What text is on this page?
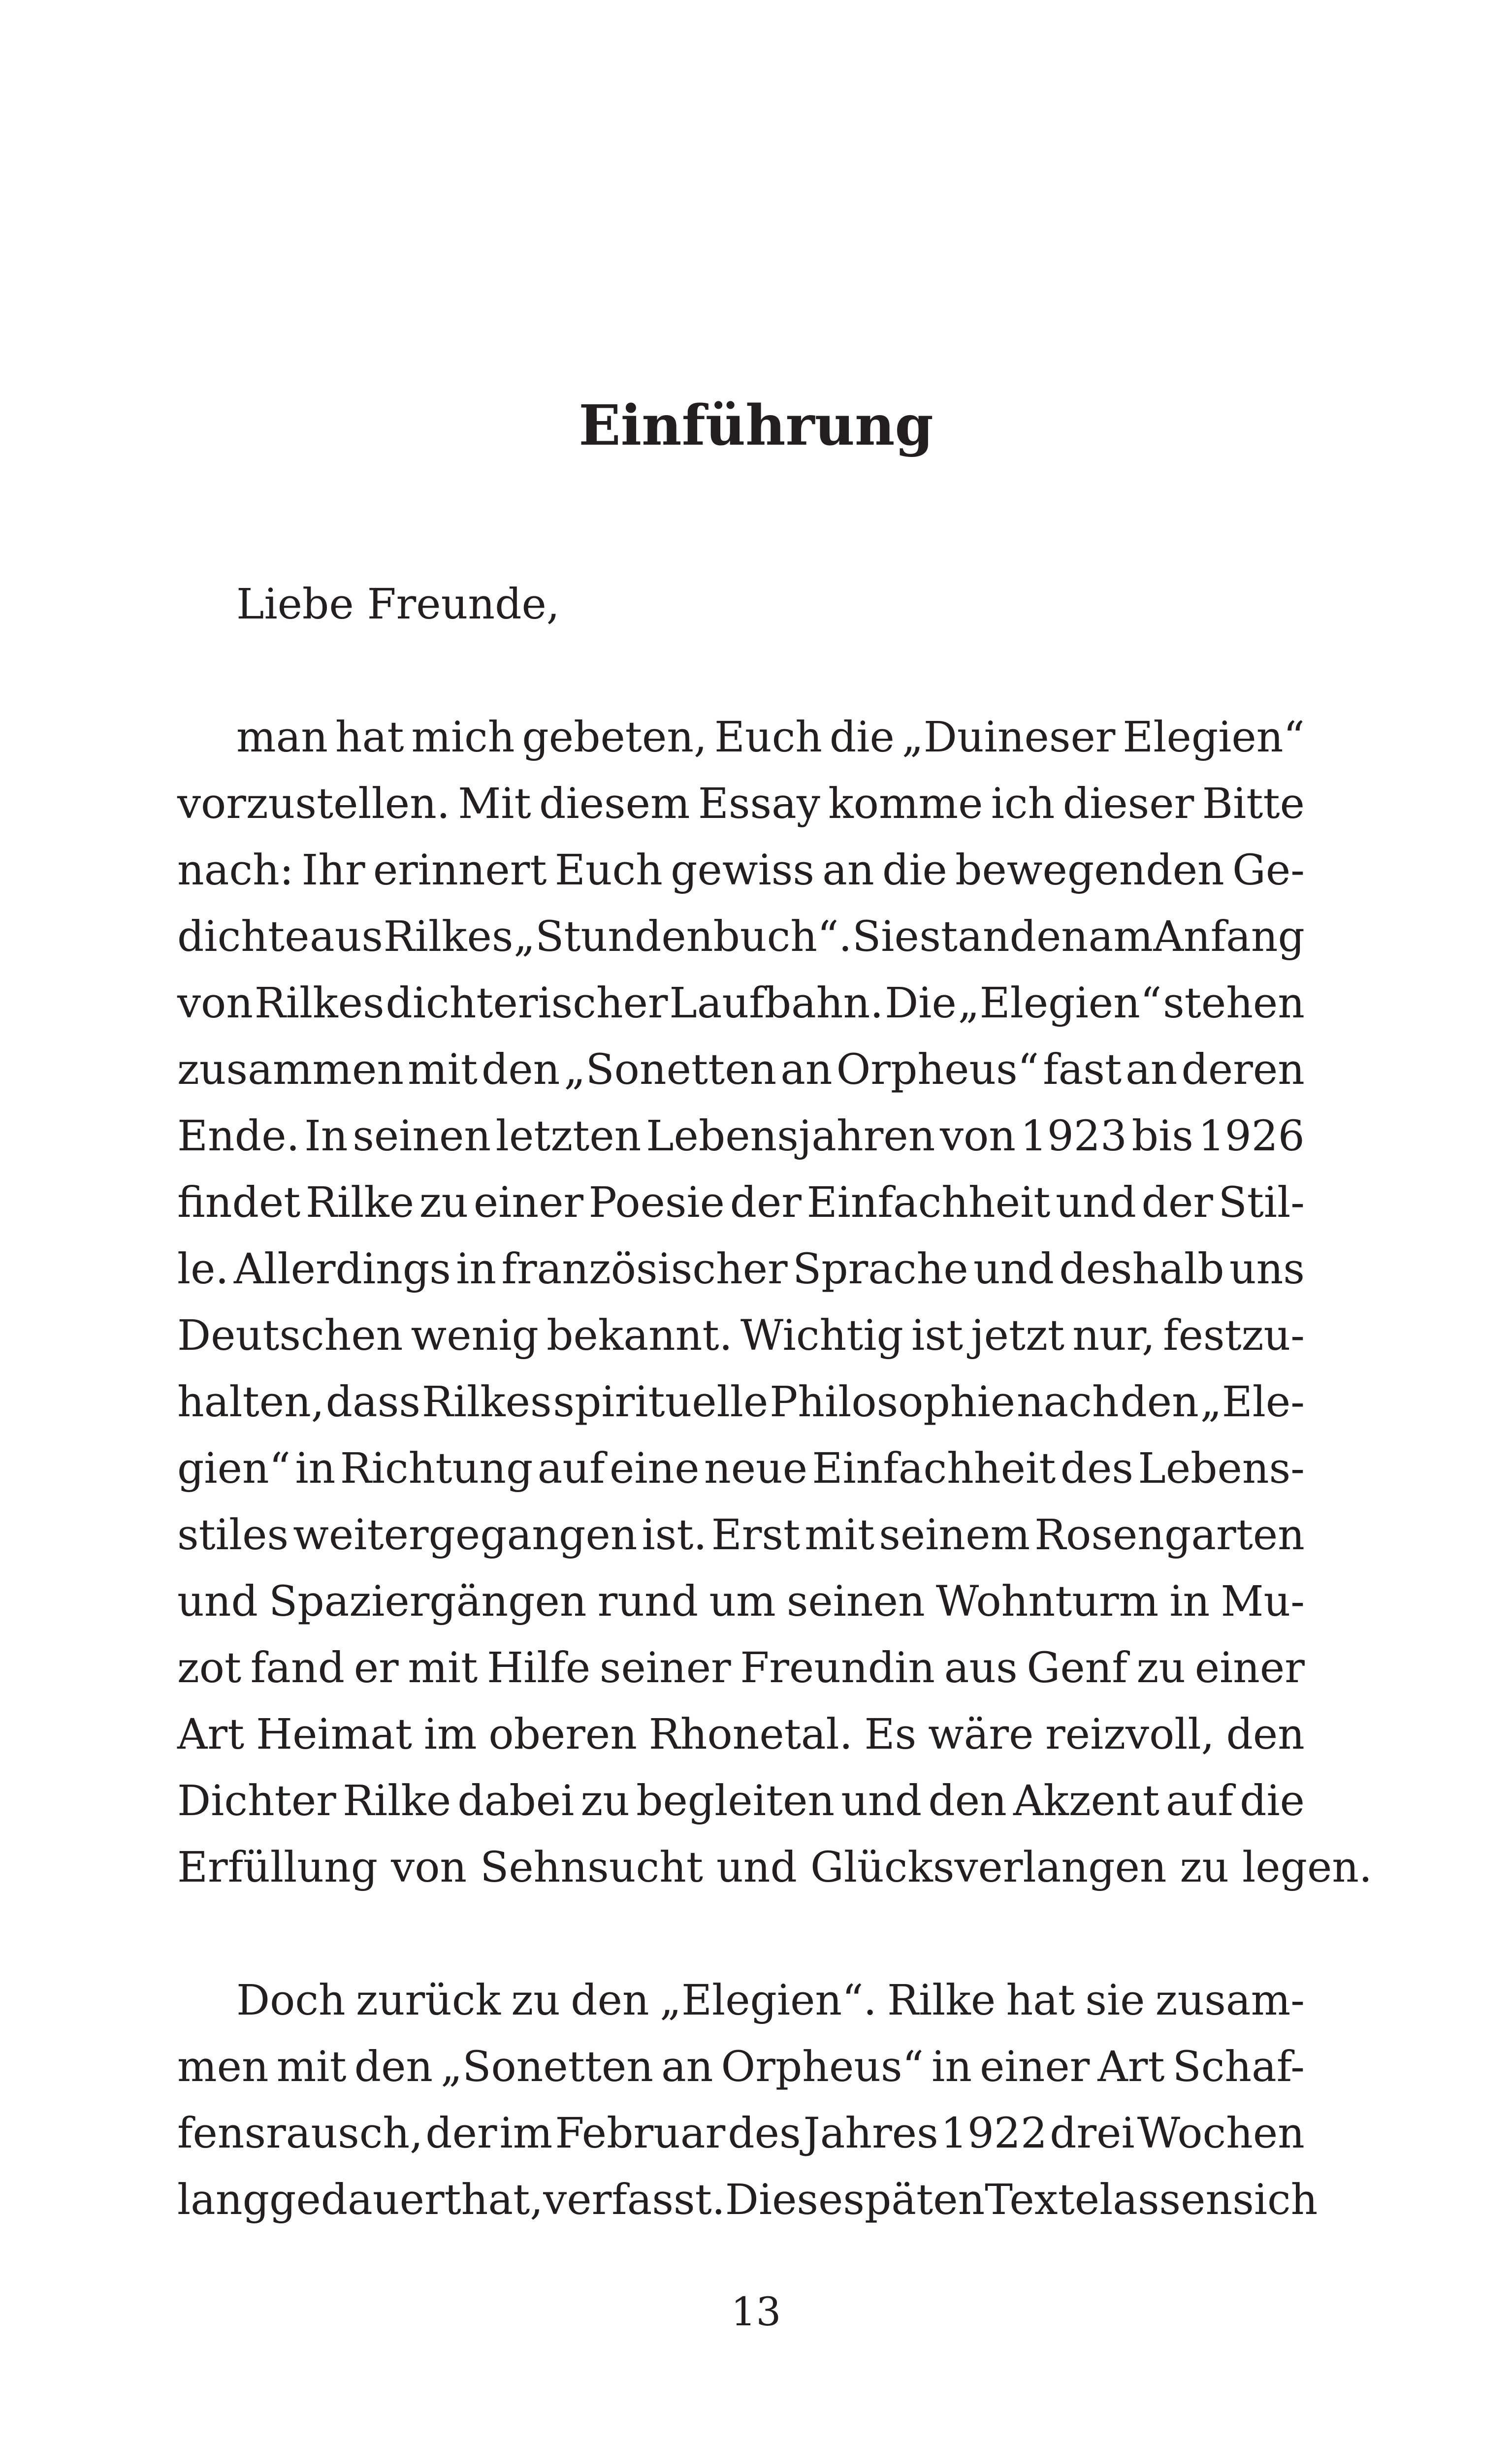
Einführung
Liebe Freunde,
man hat mich gebeten, Euch die „Duineser Elegien“
vorzustellen. Mit diesem Essay komme ich dieser Bitte
nach: Ihr erinnert Euch gewiss an die bewegenden Ge-
dichte aus Rilkes „Stundenbuch“. Sie standen am Anfang
von Rilkes dichterischer Laufbahn. Die „Elegien“ stehen
zusammen mit den „Sonetten an Orpheus“ fast an deren
Ende. In seinen letzten Lebensjahren von 1923 bis 1926
findet Rilke zu einer Poesie der Einfachheit und der Stil-
le. Allerdings in französischer Sprache und deshalb uns
Deutschen wenig bekannt. Wichtig ist jetzt nur, festzu-
halten, dass Rilkes spirituelle Philosophie nach den „Ele-
gien“ in Richtung auf eine neue Einfachheit des Lebens-
stiles weitergegangen ist. Erst mit seinem Rosengarten
und Spaziergängen rund um seinen Wohnturm in Mu-
zot fand er mit Hilfe seiner Freundin aus Genf zu einer
Art Heimat im oberen Rhonetal. Es wäre reizvoll, den
Dichter Rilke dabei zu begleiten und den Akzent auf die
Erfüllung von Sehnsucht und Glücksverlangen zu legen.
Doch zurück zu den „Elegien“. Rilke hat sie zusam-
men mit den „Sonetten an Orpheus“ in einer Art Schaf-
fensrausch, der im Februar des Jahres 1922 drei Wochen
lang gedauert hat, verfasst. Diese späten Texte lassen sich
13
